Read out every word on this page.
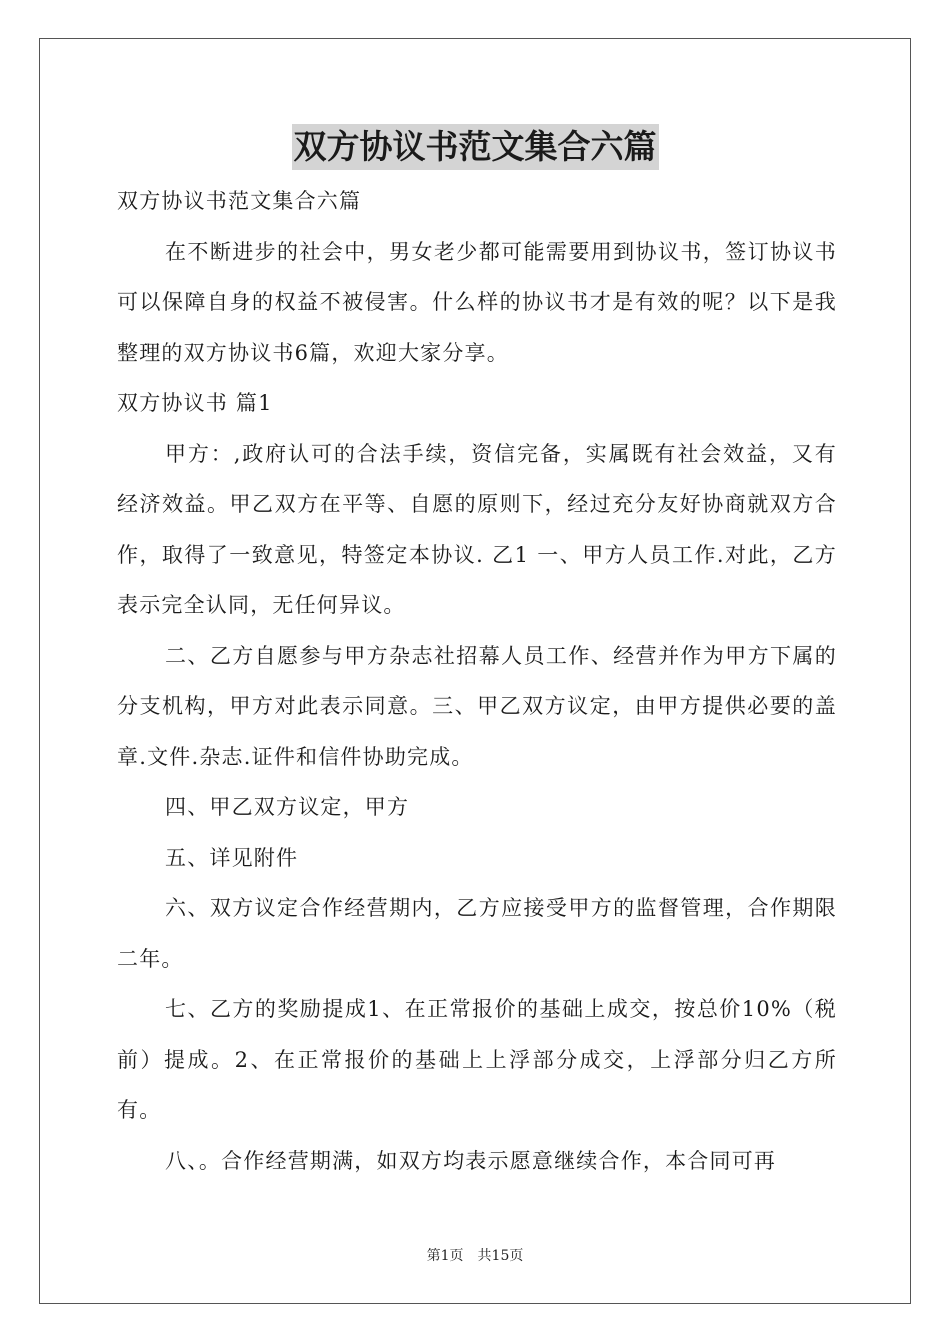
双方协议书范文集合六篇

双方协议书范文集合六篇

在不断进步的社会中，男女老少都可能需要用到协议书，签订协议书可以保障自身的权益不被侵害。什么样的协议书才是有效的呢？以下是我整理的双方协议书6篇，欢迎大家分享。

双方协议书 篇1

甲方：,政府认可的合法手续，资信完备，实属既有社会效益，又有经济效益。甲乙双方在平等、自愿的原则下，经过充分友好协商就双方合作，取得了一致意见，特签定本协议. 乙1 一、甲方人员工作.对此，乙方表示完全认同，无任何异议。

二、乙方自愿参与甲方杂志社招幕人员工作、经营并作为甲方下属的分支机构，甲方对此表示同意。三、甲乙双方议定，由甲方提供必要的盖章.文件.杂志.证件和信件协助完成。

四、甲乙双方议定，甲方

五、详见附件

六、双方议定合作经营期内，乙方应接受甲方的监督管理，合作期限二年。

七、乙方的奖励提成1、在正常报价的基础上成交，按总价10%（税前）提成。2、在正常报价的基础上上浮部分成交，上浮部分归乙方所有。

八、。合作经营期满，如双方均表示愿意继续合作，本合同可再

第1页 共15页
